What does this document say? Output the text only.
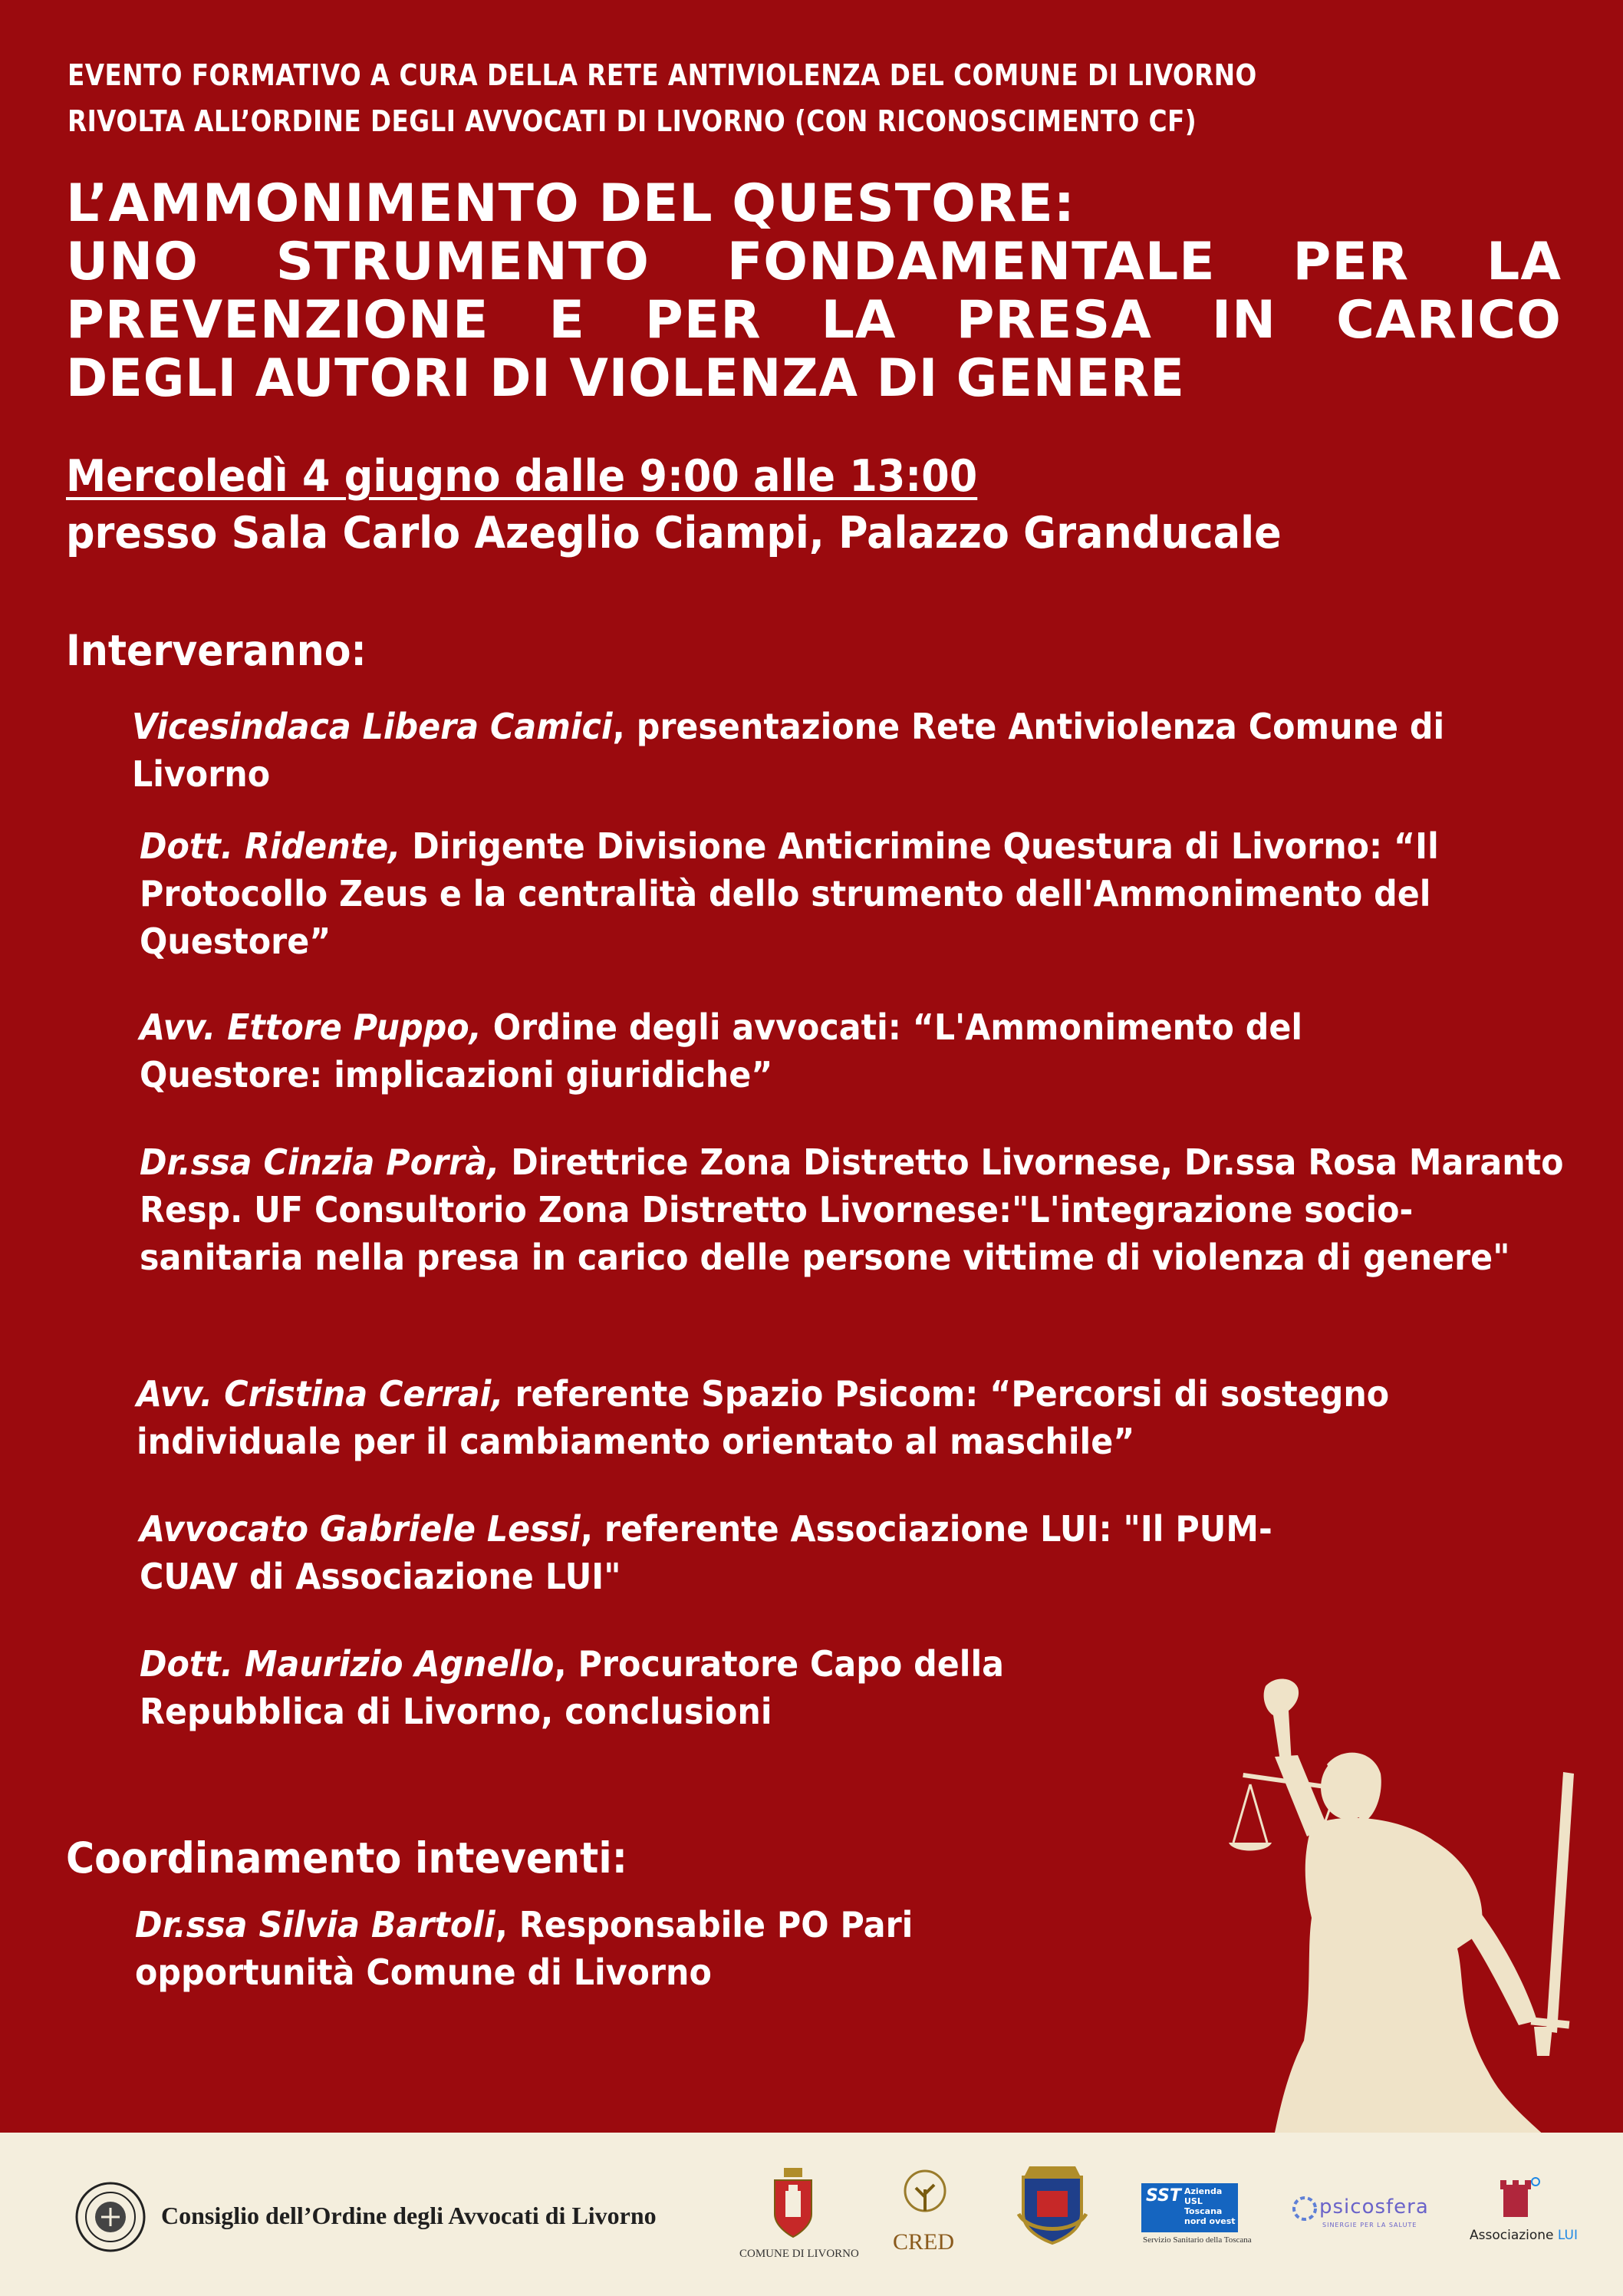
EVENTO FORMATIVO A CURA DELLA RETE ANTIVIOLENZA DEL COMUNE DI LIVORNO
RIVOLTA ALL’ORDINE DEGLI AVVOCATI DI LIVORNO (CON RICONOSCIMENTO CF)
L’AMMONIMENTO DEL QUESTORE:
UNO STRUMENTO FONDAMENTALE PER LA
PREVENZIONE E PER LA PRESA IN CARICO
DEGLI AUTORI DI VIOLENZA DI GENERE
Mercoledì 4 giugno dalle 9:00 alle 13:00
presso Sala Carlo Azeglio Ciampi, Palazzo Granducale
Interveranno:
Vicesindaca Libera Camici, presentazione Rete Antiviolenza Comune di Livorno
Dott. Ridente, Dirigente Divisione Anticrimine Questura di Livorno: “Il Protocollo Zeus e la centralità dello strumento dell'Ammonimento del Questore”
Avv. Ettore Puppo, Ordine degli avvocati: “L'Ammonimento del Questore: implicazioni giuridiche”
Dr.ssa Cinzia Porrà, Direttrice Zona Distretto Livornese, Dr.ssa Rosa Maranto Resp. UF Consultorio Zona Distretto Livornese:"L'integrazione socio-sanitaria nella presa in carico delle persone vittime di violenza di genere"
Avv. Cristina Cerrai, referente Spazio Psicom: “Percorsi di sostegno individuale per il cambiamento orientato al maschile”
Avvocato Gabriele Lessi, referente Associazione LUI: "Il PUM-CUAV di Associazione LUI"
Dott. Maurizio Agnello, Procuratore Capo della Repubblica di Livorno, conclusioni
Coordinamento inteventi:
Dr.ssa Silvia Bartoli, Responsabile PO Pari opportunità Comune di Livorno
Consiglio dell’Ordine degli Avvocati di Livorno
COMUNE DI LIVORNO CRED
SST Azienda
USL
Toscana
nord ovest
Servizio Sanitario della Toscana
psicosfera
SINERGIE PER LA SALUTE
Associazione LUI
